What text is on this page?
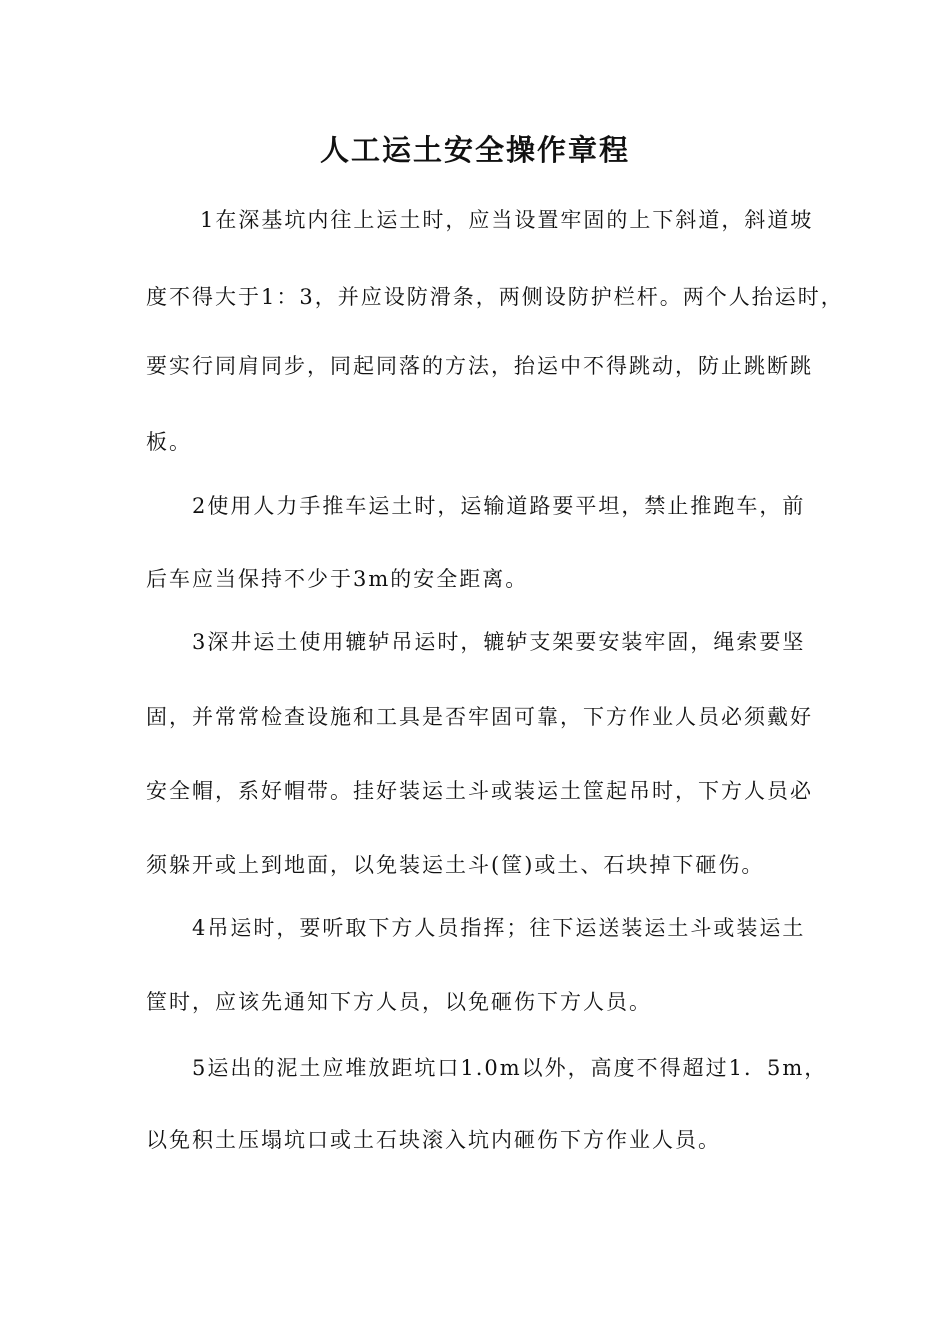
人工运土安全操作章程

1在深基坑内往上运土时，应当设置牢固的上下斜道，斜道坡

度不得大于1：3，并应设防滑条，两侧设防护栏杆。两个人抬运时，

要实行同肩同步，同起同落的方法，抬运中不得跳动，防止跳断跳

板。

2使用人力手推车运土时，运输道路要平坦，禁止推跑车，前

后车应当保持不少于3m的安全距离。

3深井运土使用辘轳吊运时，辘轳支架要安装牢固，绳索要坚

固，并常常检查设施和工具是否牢固可靠，下方作业人员必须戴好

安全帽，系好帽带。挂好装运土斗或装运土筐起吊时，下方人员必

须躲开或上到地面，以免装运土斗(筐)或土、石块掉下砸伤。

4吊运时，要听取下方人员指挥；往下运送装运土斗或装运土

筐时，应该先通知下方人员，以免砸伤下方人员。

5运出的泥土应堆放距坑口1.0m以外，高度不得超过1．5m，

以免积土压塌坑口或土石块滚入坑内砸伤下方作业人员。
